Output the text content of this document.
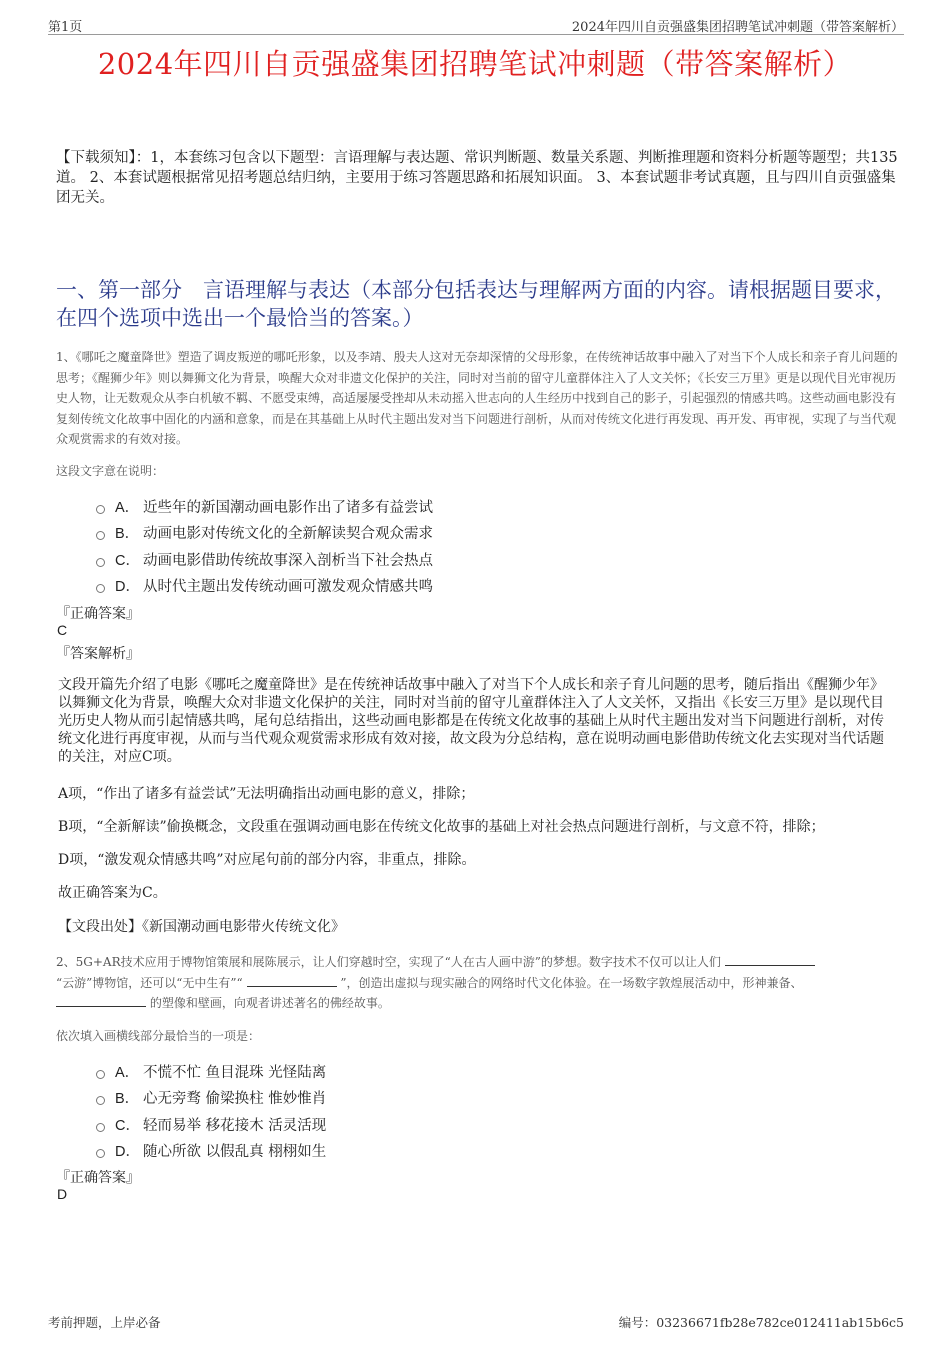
第1页	2024年四川自贡强盛集团招聘笔试冲刺题（带答案解析）
2024年四川自贡强盛集团招聘笔试冲刺题（带答案解析）
【下载须知】：1，本套练习包含以下题型：言语理解与表达题、常识判断题、数量关系题、判断推理题和资料分析题等题型；共135道。 2、本套试题根据常见招考题总结归纳，主要用于练习答题思路和拓展知识面。 3、本套试题非考试真题，且与四川自贡强盛集团无关。
一、第一部分　言语理解与表达（本部分包括表达与理解两方面的内容。请根据题目要求，在四个选项中选出一个最恰当的答案。）
1、《哪吒之魔童降世》塑造了调皮叛逆的哪吒形象，以及李靖、殷夫人这对无奈却深情的父母形象，在传统神话故事中融入了对当下个人成长和亲子育儿问题的思考；《醒狮少年》则以舞狮文化为背景，唤醒大众对非遗文化保护的关注，同时对当前的留守儿童群体注入了人文关怀；《长安三万里》更是以现代目光审视历史人物，让无数观众从李白机敏不羁、不愿受束缚，高适屡屡受挫却从未动摇入世志向的人生经历中找到自己的影子，引起强烈的情感共鸣。这些动画电影没有复刻传统文化故事中固化的内涵和意象，而是在其基础上从时代主题出发对当下问题进行剖析，从而对传统文化进行再发现、再开发、再审视，实现了与当代观众观赏需求的有效对接。
这段文字意在说明：
A． 近些年的新国潮动画电影作出了诸多有益尝试
B． 动画电影对传统文化的全新解读契合观众需求
C． 动画电影借助传统故事深入剖析当下社会热点
D． 从时代主题出发传统动画可激发观众情感共鸣
『正确答案』
C
『答案解析』
文段开篇先介绍了电影《哪吒之魔童降世》是在传统神话故事中融入了对当下个人成长和亲子育儿问题的思考，随后指出《醒狮少年》以舞狮文化为背景，唤醒大众对非遗文化保护的关注，同时对当前的留守儿童群体注入了人文关怀，又指出《长安三万里》是以现代目光历史人物从而引起情感共鸣，尾句总结指出，这些动画电影都是在传统文化故事的基础上从时代主题出发对当下问题进行剖析，对传统文化进行再度审视，从而与当代观众观赏需求形成有效对接，故文段为分总结构，意在说明动画电影借助传统文化去实现对当代话题的关注，对应C项。
A项，“作出了诸多有益尝试”无法明确指出动画电影的意义，排除；
B项，“全新解读”偷换概念，文段重在强调动画电影在传统文化故事的基础上对社会热点问题进行剖析，与文意不符，排除；
D项，“激发观众情感共鸣”对应尾句前的部分内容，非重点，排除。
故正确答案为C。
【文段出处】《新国潮动画电影带火传统文化》
2、5G+AR技术应用于博物馆策展和展陈展示，让人们穿越时空，实现了“人在古人画中游”的梦想。数字技术不仅可以让人们
“云游”博物馆，还可以“无中生有”“	”，创造出虚拟与现实融合的网络时代文化体验。在一场数字敦煌展活动中，形神兼备、
的塑像和壁画，向观者讲述著名的佛经故事。
依次填入画横线部分最恰当的一项是：
A． 不慌不忙 鱼目混珠 光怪陆离
B． 心无旁骛 偷梁换柱 惟妙惟肖
C． 轻而易举 移花接木 活灵活现
D． 随心所欲 以假乱真 栩栩如生
『正确答案』
D
考前押题，上岸必备	编号：03236671fb28e782ce012411ab15b6c5
